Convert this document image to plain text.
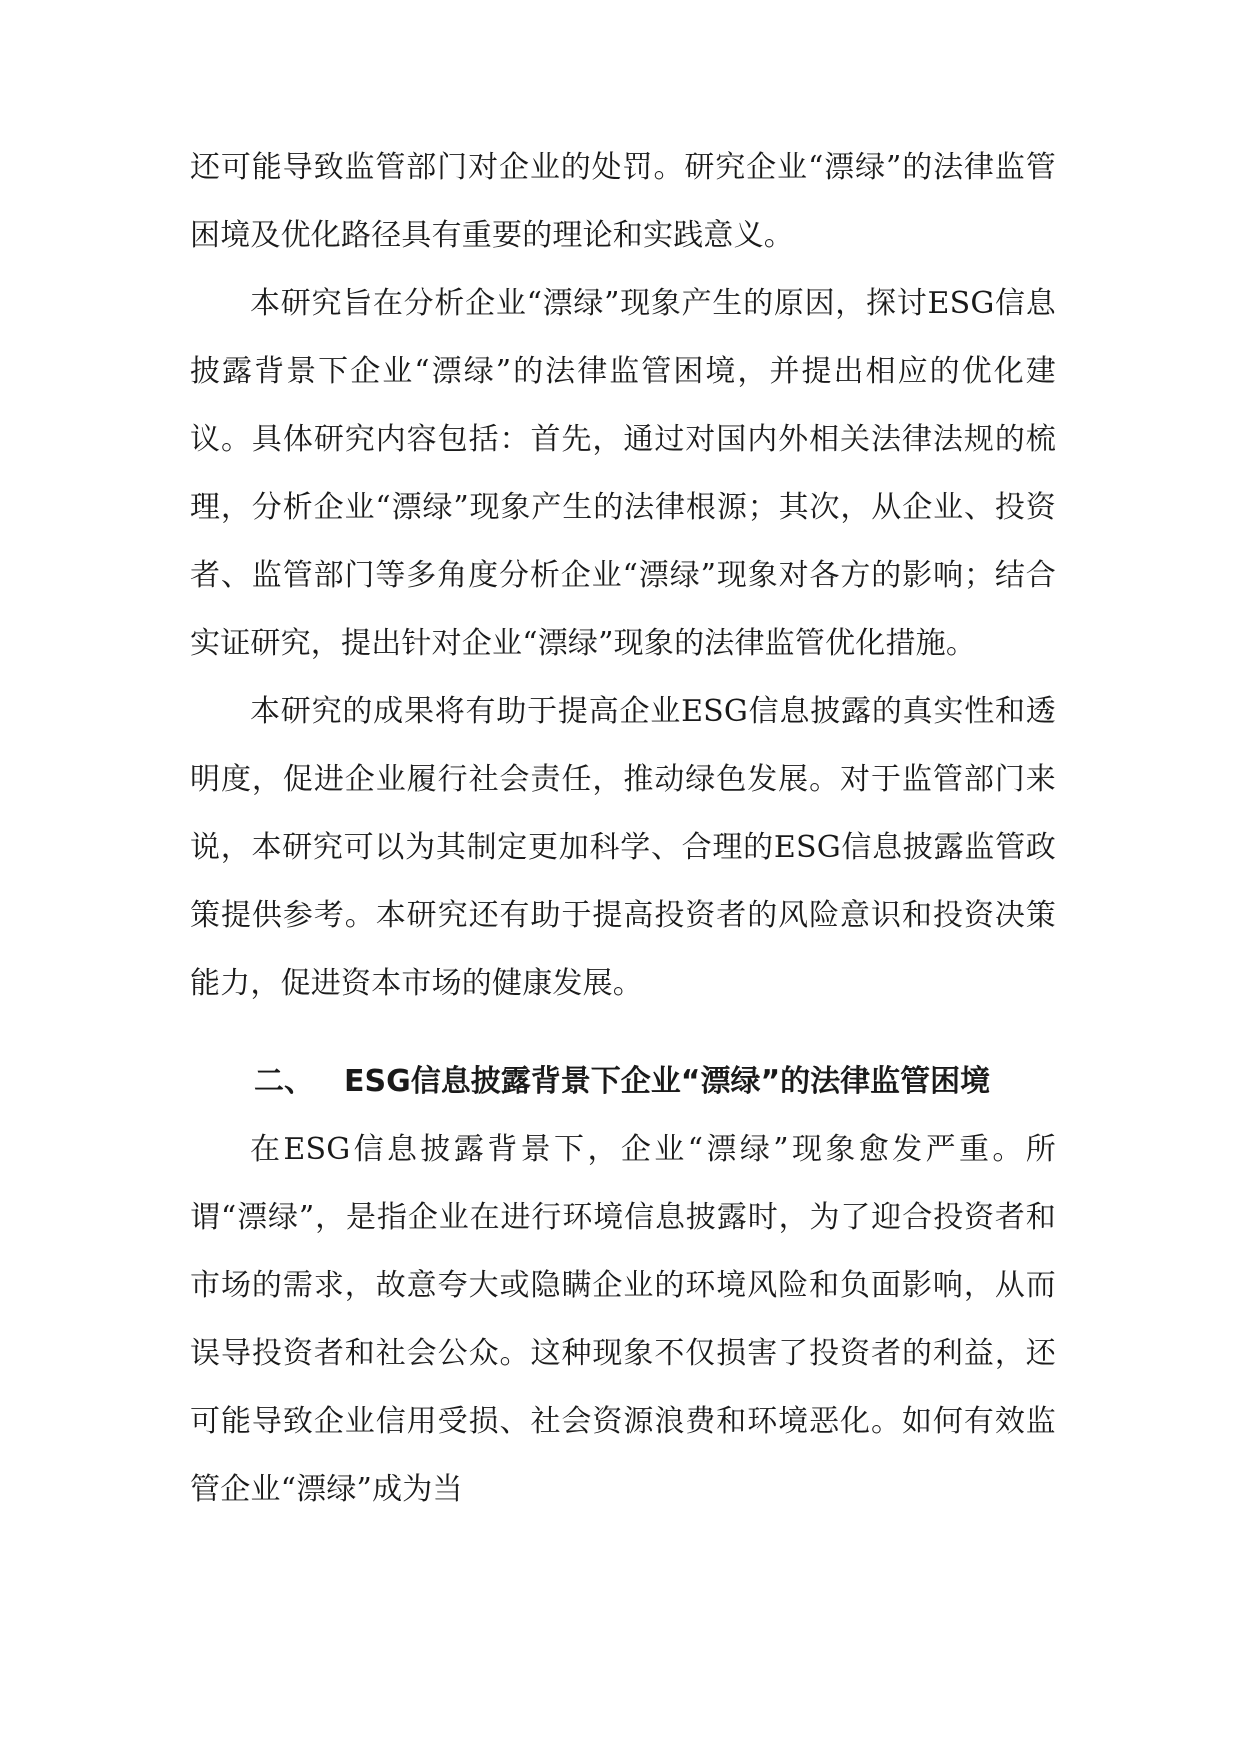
还可能导致监管部门对企业的处罚。研究企业“漂绿”的法律监管困境及优化路径具有重要的理论和实践意义。

本研究旨在分析企业“漂绿”现象产生的原因，探讨ESG信息披露背景下企业“漂绿”的法律监管困境，并提出相应的优化建议。具体研究内容包括：首先，通过对国内外相关法律法规的梳理，分析企业“漂绿”现象产生的法律根源；其次，从企业、投资者、监管部门等多角度分析企业“漂绿”现象对各方的影响；结合实证研究，提出针对企业“漂绿”现象的法律监管优化措施。

本研究的成果将有助于提高企业ESG信息披露的真实性和透明度，促进企业履行社会责任，推动绿色发展。对于监管部门来说，本研究可以为其制定更加科学、合理的ESG信息披露监管政策提供参考。本研究还有助于提高投资者的风险意识和投资决策能力，促进资本市场的健康发展。

二、 ESG信息披露背景下企业“漂绿”的法律监管困境

在ESG信息披露背景下，企业“漂绿”现象愈发严重。所谓“漂绿”，是指企业在进行环境信息披露时，为了迎合投资者和市场的需求，故意夸大或隐瞒企业的环境风险和负面影响，从而误导投资者和社会公众。这种现象不仅损害了投资者的利益，还可能导致企业信用受损、社会资源浪费和环境恶化。如何有效监管企业“漂绿”成为当
